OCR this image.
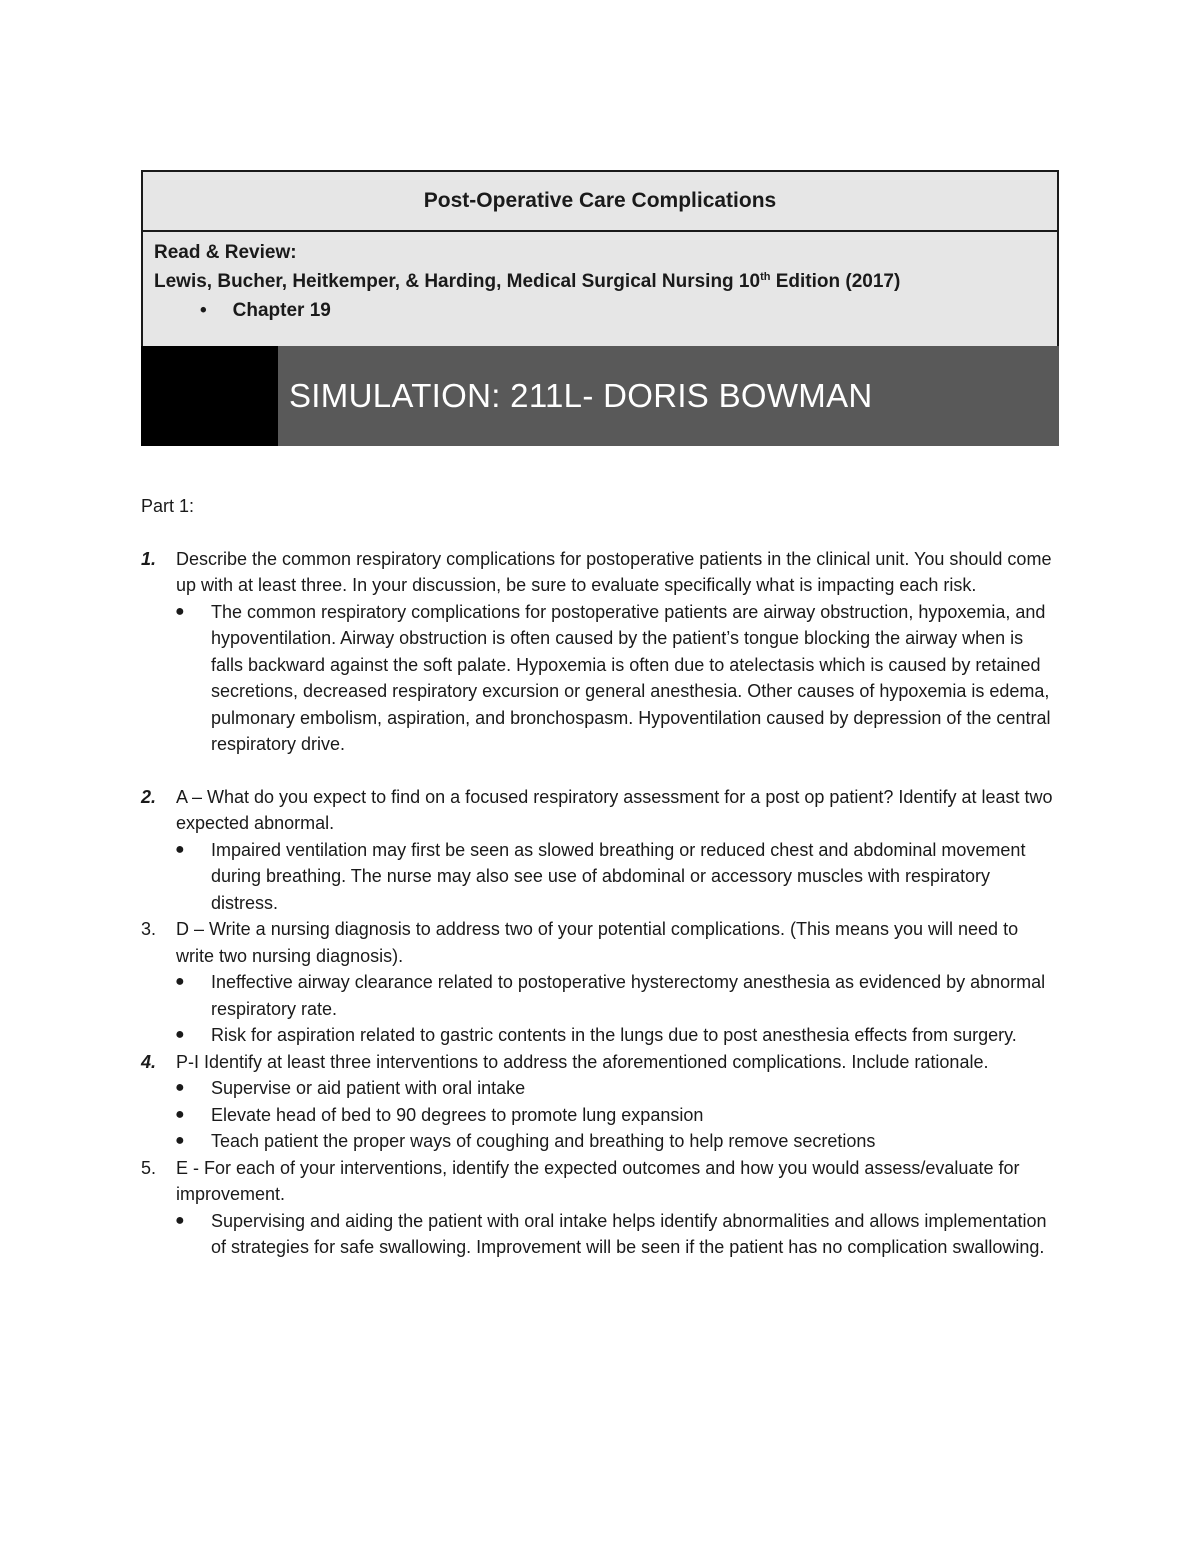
Post-Operative Care Complications
Read & Review:
Lewis, Bucher, Heitkemper, & Harding, Medical Surgical Nursing 10th Edition (2017)
• Chapter 19
SIMULATION: 211L- DORIS BOWMAN
Part 1:
1. Describe the common respiratory complications for postoperative patients in the clinical unit. You should come up with at least three. In your discussion, be sure to evaluate specifically what is impacting each risk.
● The common respiratory complications for postoperative patients are airway obstruction, hypoxemia, and hypoventilation. Airway obstruction is often caused by the patient’s tongue blocking the airway when is falls backward against the soft palate. Hypoxemia is often due to atelectasis which is caused by retained secretions, decreased respiratory excursion or general anesthesia. Other causes of hypoxemia is edema, pulmonary embolism, aspiration, and bronchospasm. Hypoventilation caused by depression of the central respiratory drive.
2. A – What do you expect to find on a focused respiratory assessment for a post op patient? Identify at least two expected abnormal.
● Impaired ventilation may first be seen as slowed breathing or reduced chest and abdominal movement during breathing. The nurse may also see use of abdominal or accessory muscles with respiratory distress.
3. D – Write a nursing diagnosis to address two of your potential complications. (This means you will need to write two nursing diagnosis).
● Ineffective airway clearance related to postoperative hysterectomy anesthesia as evidenced by abnormal respiratory rate.
● Risk for aspiration related to gastric contents in the lungs due to post anesthesia effects from surgery.
4. P-I Identify at least three interventions to address the aforementioned complications. Include rationale.
● Supervise or aid patient with oral intake
● Elevate head of bed to 90 degrees to promote lung expansion
● Teach patient the proper ways of coughing and breathing to help remove secretions
5. E - For each of your interventions, identify the expected outcomes and how you would assess/evaluate for improvement.
● Supervising and aiding the patient with oral intake helps identify abnormalities and allows implementation of strategies for safe swallowing. Improvement will be seen if the patient has no complication swallowing.
